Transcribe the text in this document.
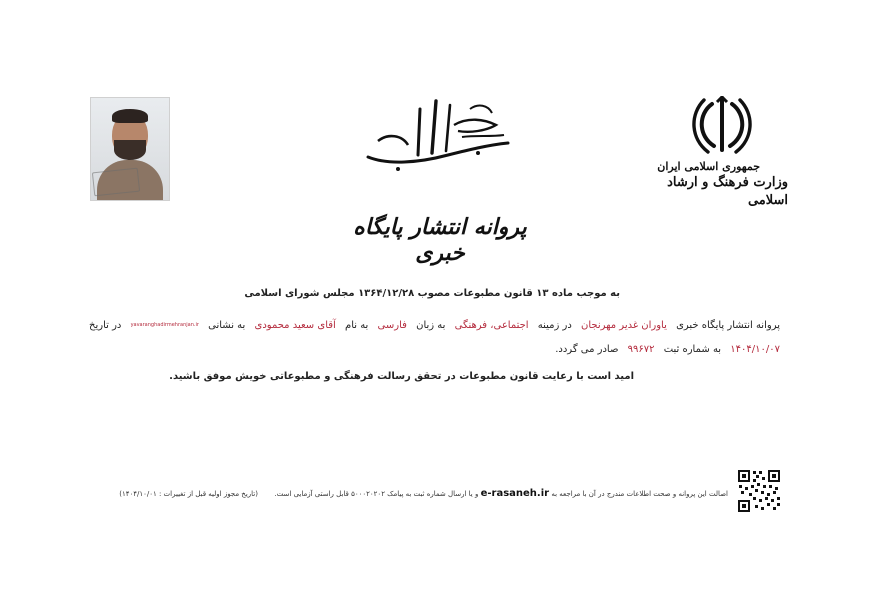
پروانه انتشار پایگاه خبری
جمهوری اسلامی ایران
وزارت فرهنگ و ارشاد اسلامی
به موجب ماده ۱۳ قانون مطبوعات مصوب ۱۳۶۴/۱۲/۲۸ مجلس شورای اسلامی
پروانه انتشار پایگاه خبری یاوران غدیر مهرنجان در زمینه اجتماعی، فرهنگی به زبان فارسی به نام آقای سعید محمودی به نشانی yavaranghadirmehranjan.ir در تاریخ
۱۴۰۴/۱۰/۰۷ به شماره ثبت ۹۹۶۷۲ صادر می گردد.
امید است با رعایت قانون مطبوعات در تحقق رسالت فرهنگی و مطبوعاتی خویش موفق باشید.
اصالت این پروانه و صحت اطلاعات مندرج در آن با مراجعه به e-rasaneh.ir و یا ارسال شماره ثبت به پیامک ۵۰۰۰۲۰۲۰۲ قابل راستی آزمایی است.  (تاریخ مجوز اولیه قبل از تغییرات : ۱۴۰۴/۱۰/۰۱)
